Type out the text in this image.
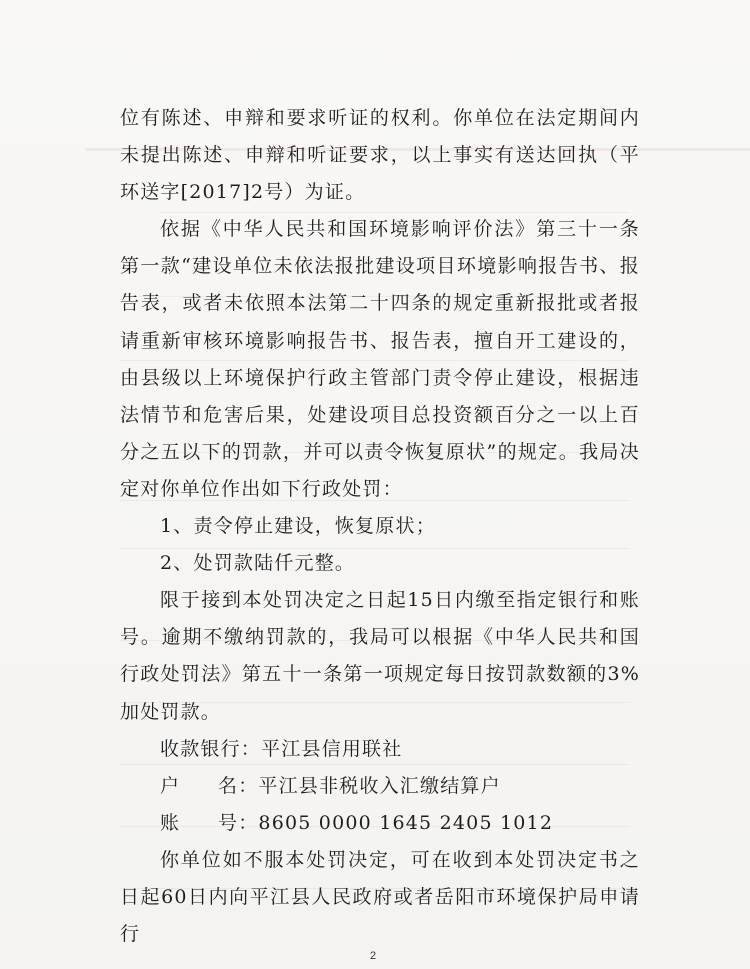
位有陈述、申辩和要求听证的权利。你单位在法定期间内未提出陈述、申辩和听证要求，以上事实有送达回执（平环送字[2017]2号）为证。

依据《中华人民共和国环境影响评价法》第三十一条第一款“建设单位未依法报批建设项目环境影响报告书、报告表，或者未依照本法第二十四条的规定重新报批或者报请重新审核环境影响报告书、报告表，擅自开工建设的，由县级以上环境保护行政主管部门责令停止建设，根据违法情节和危害后果，处建设项目总投资额百分之一以上百分之五以下的罚款，并可以责令恢复原状”的规定。我局决定对你单位作出如下行政处罚：

1、责令停止建设，恢复原状；

2、处罚款陆仟元整。

限于接到本处罚决定之日起15日内缴至指定银行和账号。逾期不缴纳罚款的，我局可以根据《中华人民共和国行政处罚法》第五十一条第一项规定每日按罚款数额的3%加处罚款。

收款银行： 平江县信用联社
户	名： 平江县非税收入汇缴结算户
账	号： 8605 0000 1645 2405 1012

你单位如不服本处罚决定，可在收到本处罚决定书之日起60日内向平江县人民政府或者岳阳市环境保护局申请行

2
